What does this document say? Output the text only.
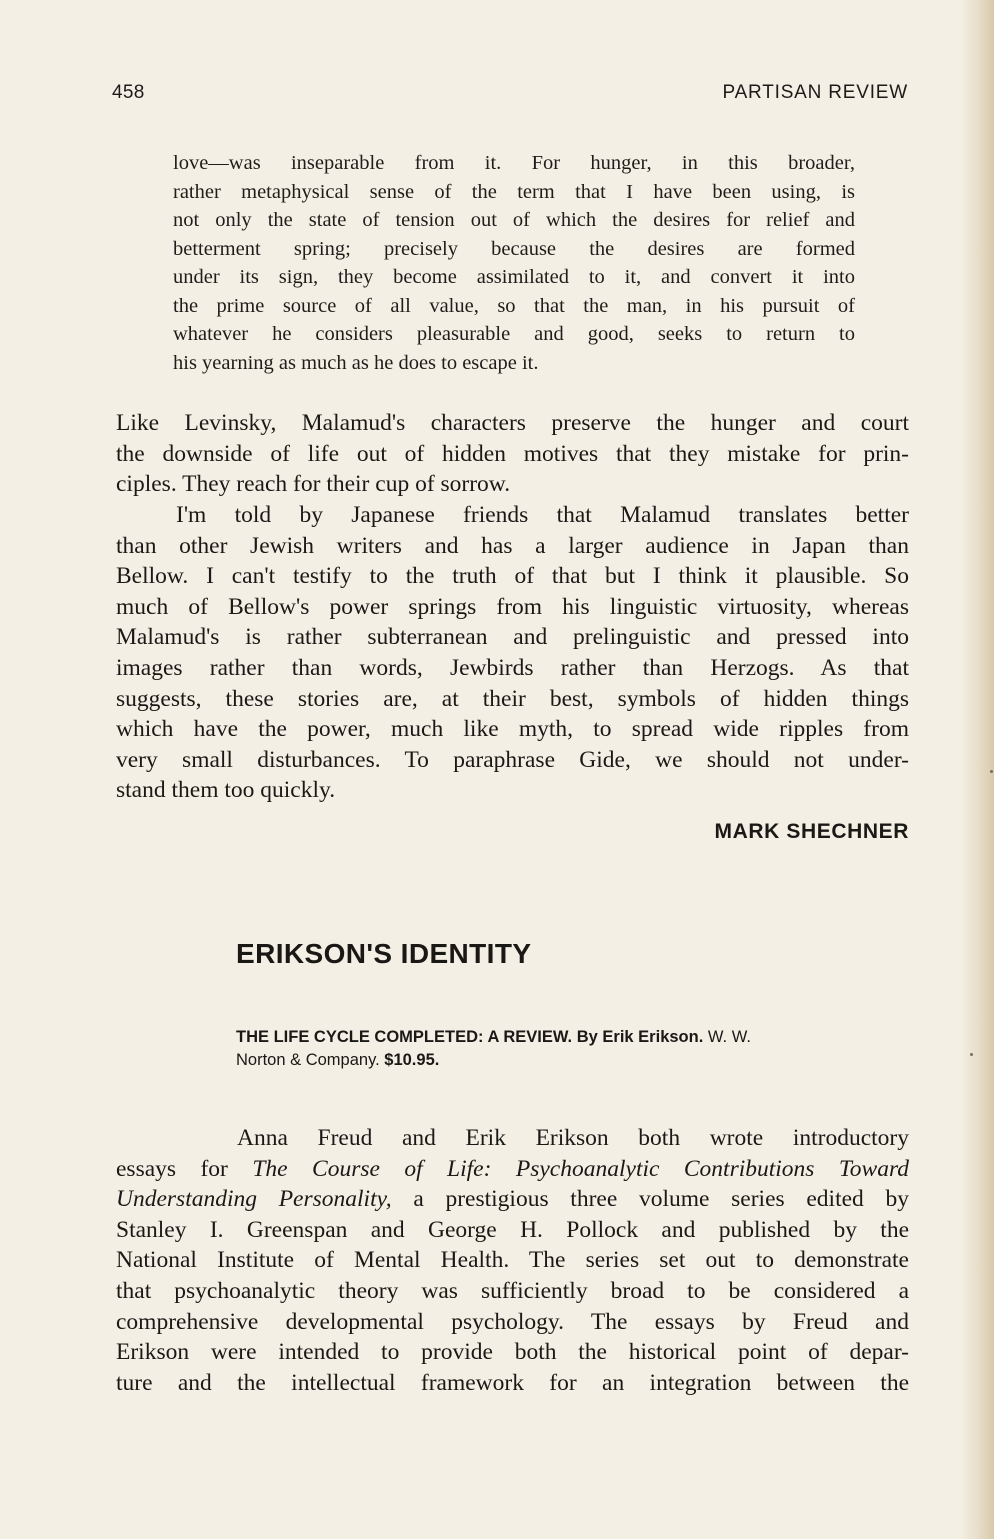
458	PARTISAN REVIEW
love—was inseparable from it. For hunger, in this broader,
rather metaphysical sense of the term that I have been using, is
not only the state of tension out of which the desires for relief and
betterment spring; precisely because the desires are formed
under its sign, they become assimilated to it, and convert it into
the prime source of all value, so that the man, in his pursuit of
whatever he considers pleasurable and good, seeks to return to
his yearning as much as he does to escape it.
Like Levinsky, Malamud's characters preserve the hunger and court
the downside of life out of hidden motives that they mistake for prin-
ciples. They reach for their cup of sorrow.
I'm told by Japanese friends that Malamud translates better
than other Jewish writers and has a larger audience in Japan than
Bellow. I can't testify to the truth of that but I think it plausible. So
much of Bellow's power springs from his linguistic virtuosity, whereas
Malamud's is rather subterranean and prelinguistic and pressed into
images rather than words, Jewbirds rather than Herzogs. As that
suggests, these stories are, at their best, symbols of hidden things
which have the power, much like myth, to spread wide ripples from
very small disturbances. To paraphrase Gide, we should not under-
stand them too quickly.
MARK SHECHNER
ERIKSON'S IDENTITY

THE LIFE CYCLE COMPLETED: A REVIEW. By Erik Erikson. W. W.
Norton & Company. $10.95.

Anna Freud and Erik Erikson both wrote introductory
essays for The Course of Life: Psychoanalytic Contributions Toward
Understanding Personality, a prestigious three volume series edited by
Stanley I. Greenspan and George H. Pollock and published by the
National Institute of Mental Health. The series set out to demonstrate
that psychoanalytic theory was sufficiently broad to be considered a
comprehensive developmental psychology. The essays by Freud and
Erikson were intended to provide both the historical point of depar-
ture and the intellectual framework for an integration between the
